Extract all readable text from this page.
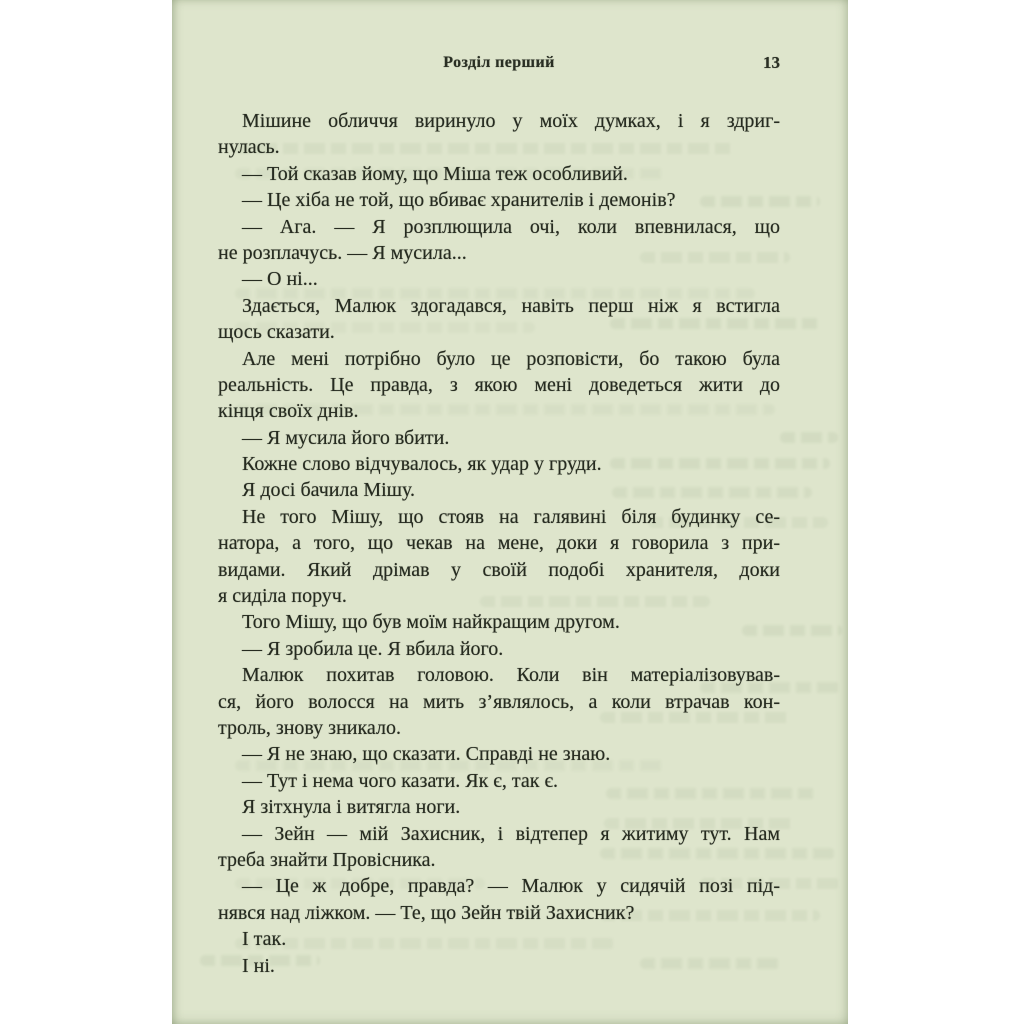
Розділ перший	13
Мішине обличчя виринуло у моїх думках, і я здриг-
нулась.
— Той сказав йому, що Міша теж особливий.
— Це хіба не той, що вбиває хранителів і демонів?
— Ага. — Я розплющила очі, коли впевнилася, що
не розплачусь. — Я мусила...
— О ні...
Здається, Малюк здогадався, навіть перш ніж я встигла
щось сказати.
Але мені потрібно було це розповісти, бо такою була
реальність. Це правда, з якою мені доведеться жити до
кінця своїх днів.
— Я мусила його вбити.
Кожне слово відчувалось, як удар у груди.
Я досі бачила Мішу.
Не того Мішу, що стояв на галявині біля будинку се-
натора, а того, що чекав на мене, доки я говорила з при-
видами. Який дрімав у своїй подобі хранителя, доки
я сиділа поруч.
Того Мішу, що був моїм найкращим другом.
— Я зробила це. Я вбила його.
Малюк похитав головою. Коли він матеріалізовував-
ся, його волосся на мить з’являлось, а коли втрачав кон-
троль, знову зникало.
— Я не знаю, що сказати. Справді не знаю.
— Тут і нема чого казати. Як є, так є.
Я зітхнула і витягла ноги.
— Зейн — мій Захисник, і відтепер я житиму тут. Нам
треба знайти Провісника.
— Це ж добре, правда? — Малюк у сидячій позі під-
нявся над ліжком. — Те, що Зейн твій Захисник?
І так.
І ні.
